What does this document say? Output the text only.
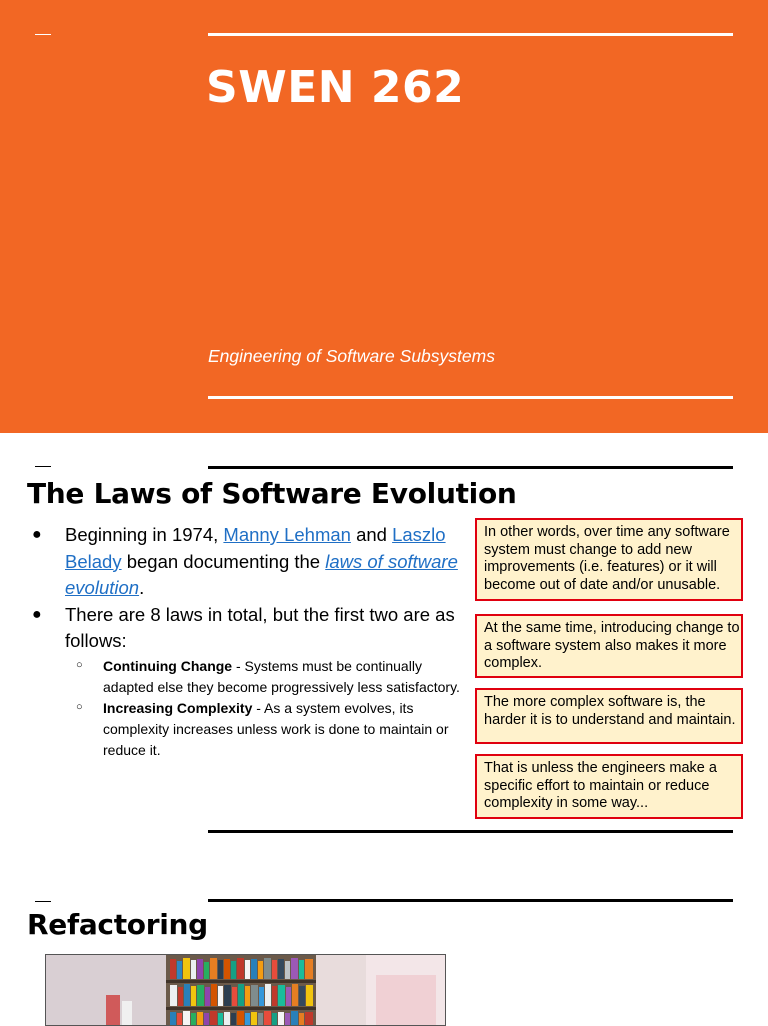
SWEN 262
Engineering of Software Subsystems
The Laws of Software Evolution
● Beginning in 1974, Manny Lehman and Laszlo Belady began documenting the laws of software evolution.
● There are 8 laws in total, but the first two are as follows:
○ Continuing Change - Systems must be continually adapted else they become progressively less satisfactory.
○ Increasing Complexity - As a system evolves, its complexity increases unless work is done to maintain or reduce it.
In other words, over time any software system must change to add new improvements (i.e. features) or it will become out of date and/or unusable.
At the same time, introducing change to a software system also makes it more complex.
The more complex software is, the harder it is to understand and maintain.
That is unless the engineers make a specific effort to maintain or reduce complexity in some way...
Refactoring
